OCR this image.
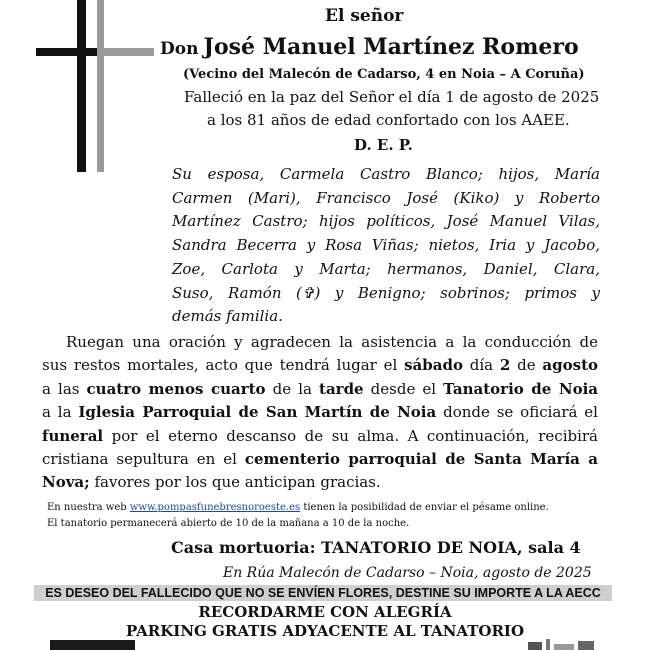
El señor
Don José Manuel Martínez Romero
(Vecino del Malecón de Cadarso, 4 en Noia – A Coruña)
Falleció en la paz del Señor el día 1 de agosto de 2025
a los 81 años de edad confortado con los AAEE.
D. E. P.

Su esposa, Carmela Castro Blanco; hijos, María

Carmen (Mari), Francisco José (Kiko) y Roberto

Martínez Castro; hijos políticos, José Manuel Vilas,

Sandra Becerra y Rosa Viñas; nietos, Iria y Jacobo,

Zoe, Carlota y Marta; hermanos, Daniel, Clara,

Suso, Ramón (✞) y Benigno; sobrinos; primos y

demás familia.

Ruegan una oración y agradecen la asistencia a la conducción de

sus restos mortales, acto que tendrá lugar el sábado día 2 de agosto

a las cuatro menos cuarto de la tarde desde el Tanatorio de Noia

a la Iglesia Parroquial de San Martín de Noia donde se oficiará el

funeral por el eterno descanso de su alma. A continuación, recibirá

cristiana sepultura en el cementerio parroquial de Santa María a

Nova; favores por los que anticipan gracias.

En nuestra web www.pompasfunebresnoroeste.es tienen la posibilidad de enviar el pésame online.
El tanatorio permanecerá abierto de 10 de la mañana a 10 de la noche.
Casa mortuoria: TANATORIO DE NOIA, sala 4
En Rúa Malecón de Cadarso – Noia, agosto de 2025
ES DESEO DEL FALLECIDO QUE NO SE ENVÍEN FLORES, DESTINE SU IMPORTE A LA AECC
RECORDARME CON ALEGRÍA
PARKING GRATIS ADYACENTE AL TANATORIO
